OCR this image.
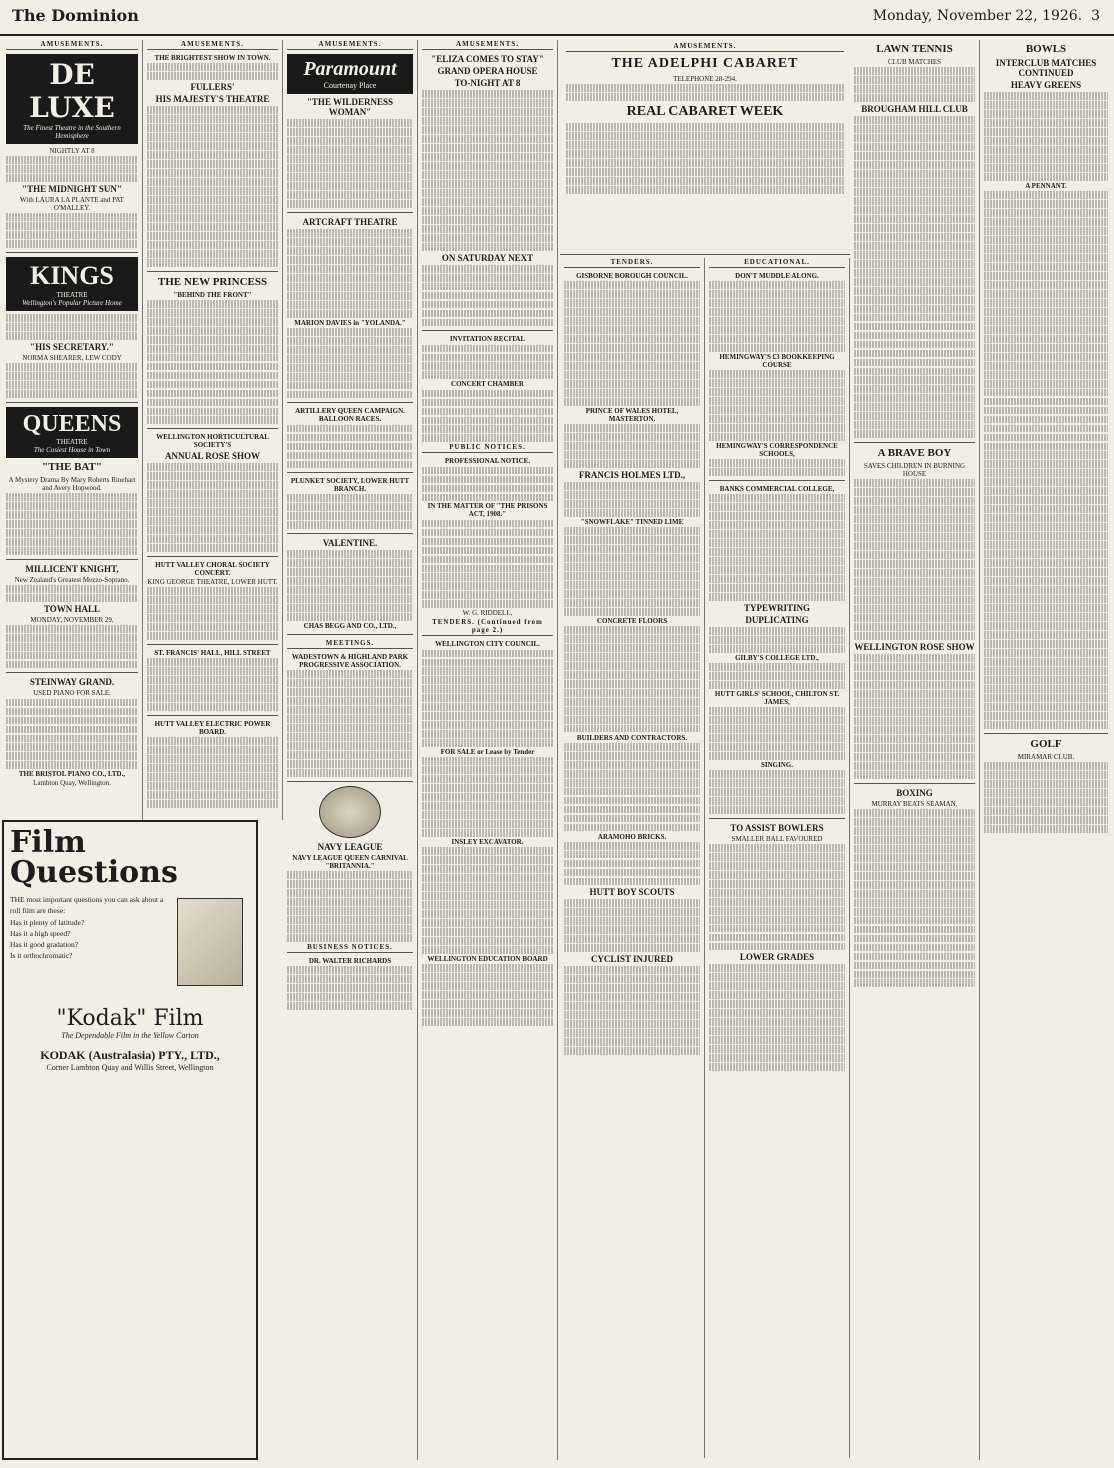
The Dominion	Monday, November 22, 1926. 3
AMUSEMENTS.
DE LUXE
The Finest Theatre in the Southern Hemisphere
NIGHTLY AT 8
"THE MIDNIGHT SUN"
With LAURA LA PLANTE and PAT O'MALLEY.
KINGS
THEATRE
Wellington's Popular Picture Home
"HIS SECRETARY."
NORMA SHEARER, LEW CODY
QUEENS
THEATRE
The Cosiest House in Town
"THE BAT"
A Mystery Drama By Mary Roberts Rinehart and Avery Hopwood.
MILLICENT KNIGHT,
New Zealand's Greatest Mezzo-Soprano.
TOWN HALL
MONDAY, NOVEMBER 29,
STEINWAY GRAND.
USED PIANO FOR SALE.
THE BRISTOL PIANO CO., LTD.,
Lambton Quay, Wellington.
Film Questions
THE most important questions you can ask about a roll film are these:
Has it plenty of latitude?
Has it a high speed?
Has it good gradation?
Is it orthochromatic?
"Kodak" Film
The Dependable Film in the Yellow Carton
KODAK (Australasia) PTY., LTD.,
Corner Lambton Quay and Willis Street, Wellington
AMUSEMENTS.
THE BRIGHTEST SHOW IN TOWN.
FULLERS'
HIS MAJESTY'S THEATRE
THE NEW PRINCESS
"BEHIND THE FRONT"
WELLINGTON HORTICULTURAL SOCIETY'S
ANNUAL ROSE SHOW
HUTT VALLEY CHORAL SOCIETY CONCERT.
KING GEORGE THEATRE, LOWER HUTT.
ST. FRANCIS' HALL, HILL STREET
HUTT VALLEY ELECTRIC POWER BOARD.
AMUSEMENTS.
Paramount
Courtenay Place
"THE WILDERNESS WOMAN"
ARTCRAFT THEATRE
MARION DAVIES in "YOLANDA."
ARTILLERY QUEEN CAMPAIGN. BALLOON RACES.
PLUNKET SOCIETY, LOWER HUTT BRANCH.
VALENTINE.
CHAS BEGG AND CO., LTD.,
MEETINGS.
WADESTOWN & HIGHLAND PARK PROGRESSIVE ASSOCIATION.
NAVY LEAGUE
NAVY LEAGUE QUEEN CARNIVAL "BRITANNIA."
BUSINESS NOTICES.
DR. WALTER RICHARDS
AMUSEMENTS.
"ELIZA COMES TO STAY"
GRAND OPERA HOUSE
TO-NIGHT AT 8
ON SATURDAY NEXT
INVITATION RECITAL
CONCERT CHAMBER
PUBLIC NOTICES.
PROFESSIONAL NOTICE.
IN THE MATTER OF "THE PRISONS ACT, 1908."
W. G. RIDDELL,
TENDERS. (Continued from page 2.)
WELLINGTON CITY COUNCIL.
FOR SALE or Lease by Tender
INSLEY EXCAVATOR.
WELLINGTON EDUCATION BOARD
AMUSEMENTS.
THE ADELPHI CABARET
TELEPHONE 28-294.
REAL CABARET WEEK
TENDERS.
GISBORNE BOROUGH COUNCIL.
PRINCE OF WALES HOTEL, MASTERTON.
FRANCIS HOLMES LTD.,
"SNOWFLAKE" TINNED LIME
CONCRETE FLOORS
BUILDERS AND CONTRACTORS.
ARAMOHO BRICKS.
HUTT BOY SCOUTS
CYCLIST INJURED
EDUCATIONAL.
DON'T MUDDLE ALONG.
HEMINGWAY'S £3 BOOKKEEPING COURSE
HEMINGWAY'S CORRESPONDENCE SCHOOLS,
BANKS COMMERCIAL COLLEGE,
TYPEWRITING
DUPLICATING
GILBY'S COLLEGE LTD.,
HUTT GIRLS' SCHOOL, CHILTON ST. JAMES,
SINGING.
TO ASSIST BOWLERS
SMALLER BALL FAVOURED
LOWER GRADES
LAWN TENNIS
CLUB MATCHES
BROUGHAM HILL CLUB
A BRAVE BOY
SAVES CHILDREN IN BURNING HOUSE
WELLINGTON ROSE SHOW
BOXING
MURRAY BEATS SEAMAN.
BOWLS
INTERCLUB MATCHES CONTINUED
HEAVY GREENS
A PENNANT.
GOLF
MIRAMAR CLUB.
